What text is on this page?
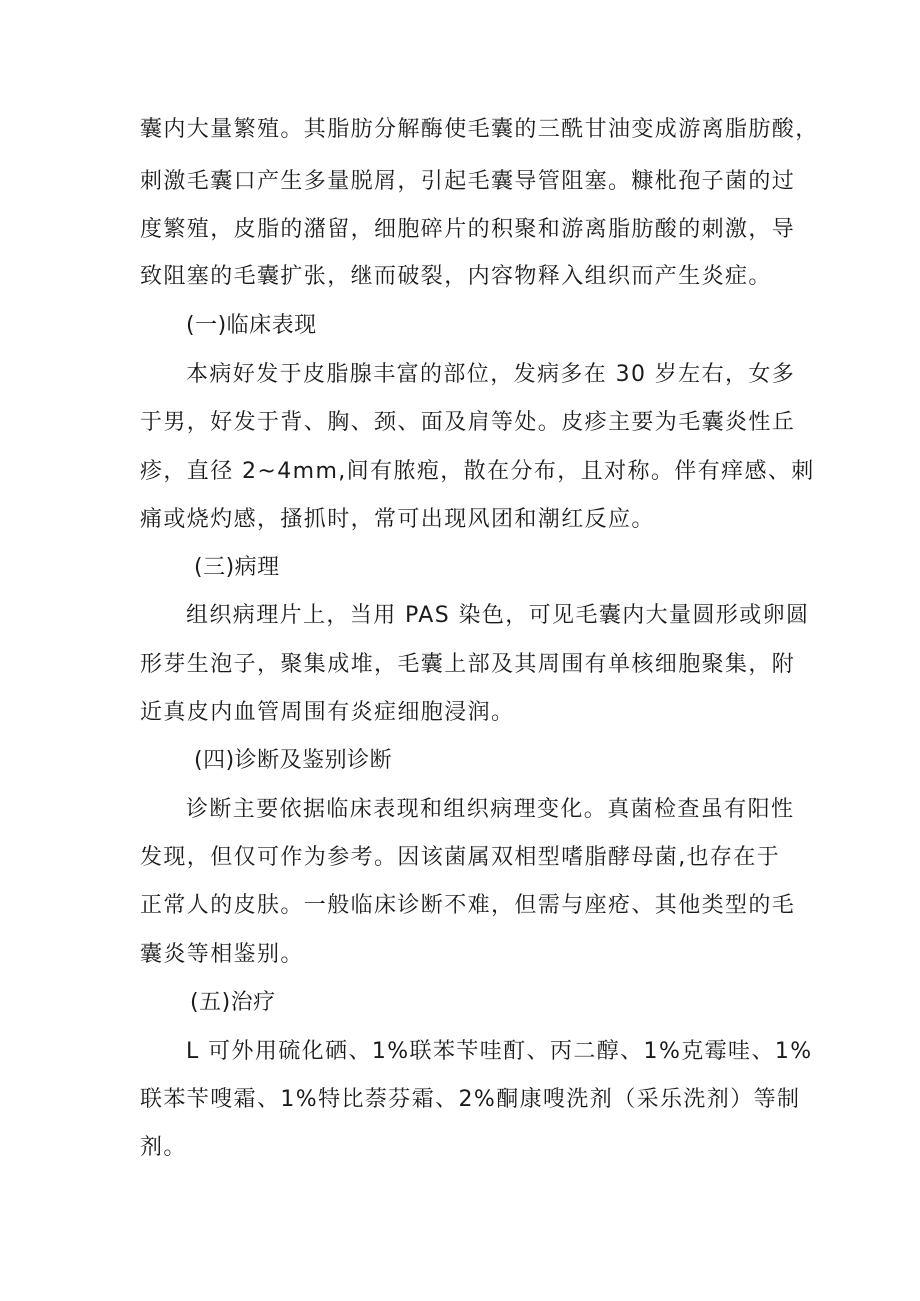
囊内大量繁殖。其脂肪分解酶使毛囊的三酰甘油变成游离脂肪酸，
刺激毛囊口产生多量脱屑，引起毛囊导管阻塞。糠枇孢子菌的过
度繁殖，皮脂的潴留，细胞碎片的积聚和游离脂肪酸的刺激，导
致阻塞的毛囊扩张，继而破裂，内容物释入组织而产生炎症。
(一)临床表现
本病好发于皮脂腺丰富的部位，发病多在 30 岁左右，女多
于男，好发于背、胸、颈、面及肩等处。皮疹主要为毛囊炎性丘
疹，直径 2~4mm,间有脓疱，散在分布，且对称。伴有痒感、刺
痛或烧灼感，搔抓时，常可出现风团和潮红反应。
(三)病理
组织病理片上，当用 PAS 染色，可见毛囊内大量圆形或卵圆
形芽生泡子，聚集成堆，毛囊上部及其周围有单核细胞聚集，附
近真皮内血管周围有炎症细胞浸润。
(四)诊断及鉴别诊断
诊断主要依据临床表现和组织病理变化。真菌检查虽有阳性
发现，但仅可作为参考。因该菌属双相型嗜脂酵母菌,也存在于
正常人的皮肤。一般临床诊断不难，但需与座疮、其他类型的毛
囊炎等相鉴别。
(五)治疗
L 可外用硫化硒、1%联苯苄哇酊、丙二醇、1%克霉哇、1%
联苯苄嗖霜、1%特比萘芬霜、2%酮康嗖洗剂（采乐洗剂）等制
剂。
